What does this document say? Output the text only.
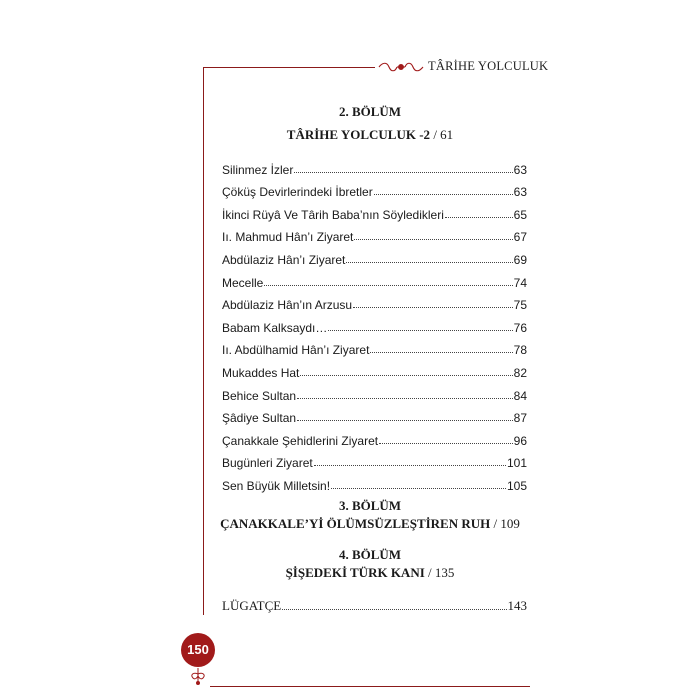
TÂRİHE YOLCULUK
2. BÖLÜM
TÂRİHE YOLCULUK -2 / 61
Silinmez İzler	63
Çöküş Devirlerindeki İbretler	63
İkinci Rüyâ Ve Târih Baba’nın Söyledikleri	65
Iı. Mahmud Hân’ı Ziyaret	67
Abdülaziz Hân’ı Ziyaret	69
Mecelle	74
Abdülaziz Hân’ın Arzusu	75
Babam Kalksaydı…	76
Iı. Abdülhamid Hân’ı Ziyaret	78
Mukaddes Hat	82
Behice Sultan	84
Şâdiye Sultan	87
Çanakkale Şehidlerini Ziyaret	96
Bugünleri Ziyaret	101
Sen Büyük Milletsin!	105
3. BÖLÜM
ÇANAKKALE’Yİ ÖLÜMSÜZLEŞTİREN RUH / 109
4. BÖLÜM
ŞİŞEDEKİ TÜRK KANI / 135
LÜGATÇE	143
150
